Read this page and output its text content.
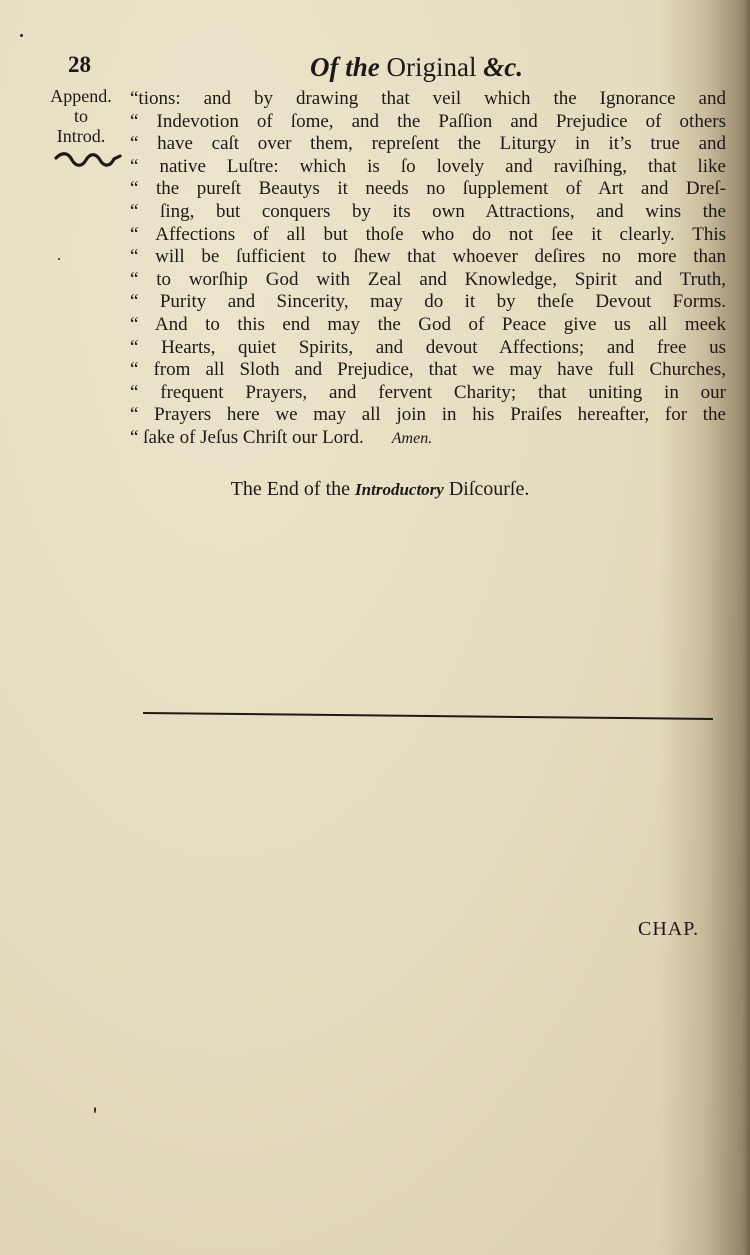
28	Of the Original &c.
Append.
to
Introd.
“tions: and by drawing that veil which the Ignorance and
“ Indevotion of ſome, and the Paſſion and Prejudice of others
“ have caſt over them, repreſent the Liturgy in it’s true and
“ native Luſtre: which is ſo lovely and raviſhing, that like
“ the pureſt Beautys it needs no ſupplement of Art and Dreſ-
“ ſing, but conquers by its own Attractions, and wins the
“ Affections of all but thoſe who do not ſee it clearly. This
“ will be ſufficient to ſhew that whoever deſires no more than
“ to worſhip God with Zeal and Knowledge, Spirit and Truth,
“ Purity and Sincerity, may do it by theſe Devout Forms.
“ And to this end may the God of Peace give us all meek
“ Hearts, quiet Spirits, and devout Affections; and free us
“ from all Sloth and Prejudice, that we may have full Churches,
“ frequent Prayers, and fervent Charity; that uniting in our
“ Prayers here we may all join in his Praiſes hereafter, for the
“ ſake of Jeſus Chriſt our Lord. Amen.
The End of the Introductory Diſcourſe.
CHAP.
